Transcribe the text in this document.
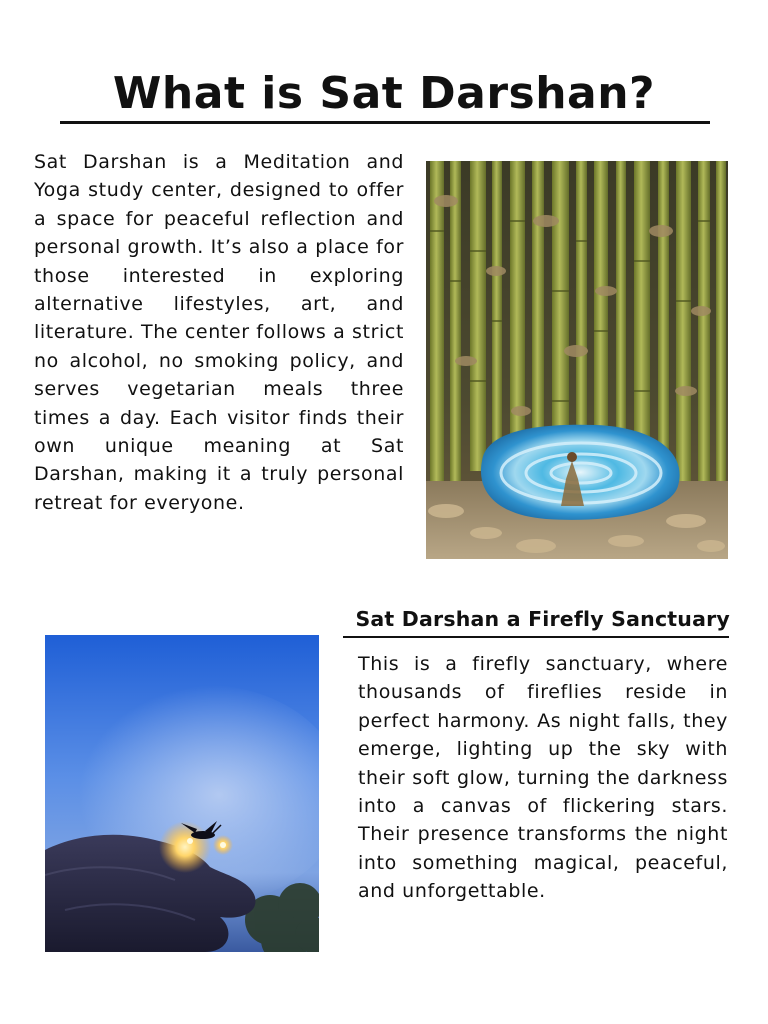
What is Sat Darshan?

Sat Darshan is a Meditation and Yoga study center, designed to offer a space for peaceful reflection and personal growth. It’s also a place for those interested in exploring alternative lifestyles, art, and literature. The center follows a strict no alcohol, no smoking policy, and serves vegetarian meals three times a day. Each visitor finds their own unique meaning at Sat Darshan, making it a truly personal retreat for everyone.

Sat Darshan a Firefly Sanctuary

This is a firefly sanctuary, where thousands of fireflies reside in perfect harmony. As night falls, they emerge, lighting up the sky with their soft glow, turning the darkness into a canvas of flickering stars. Their presence transforms the night into something magical, peaceful, and unforgettable.
